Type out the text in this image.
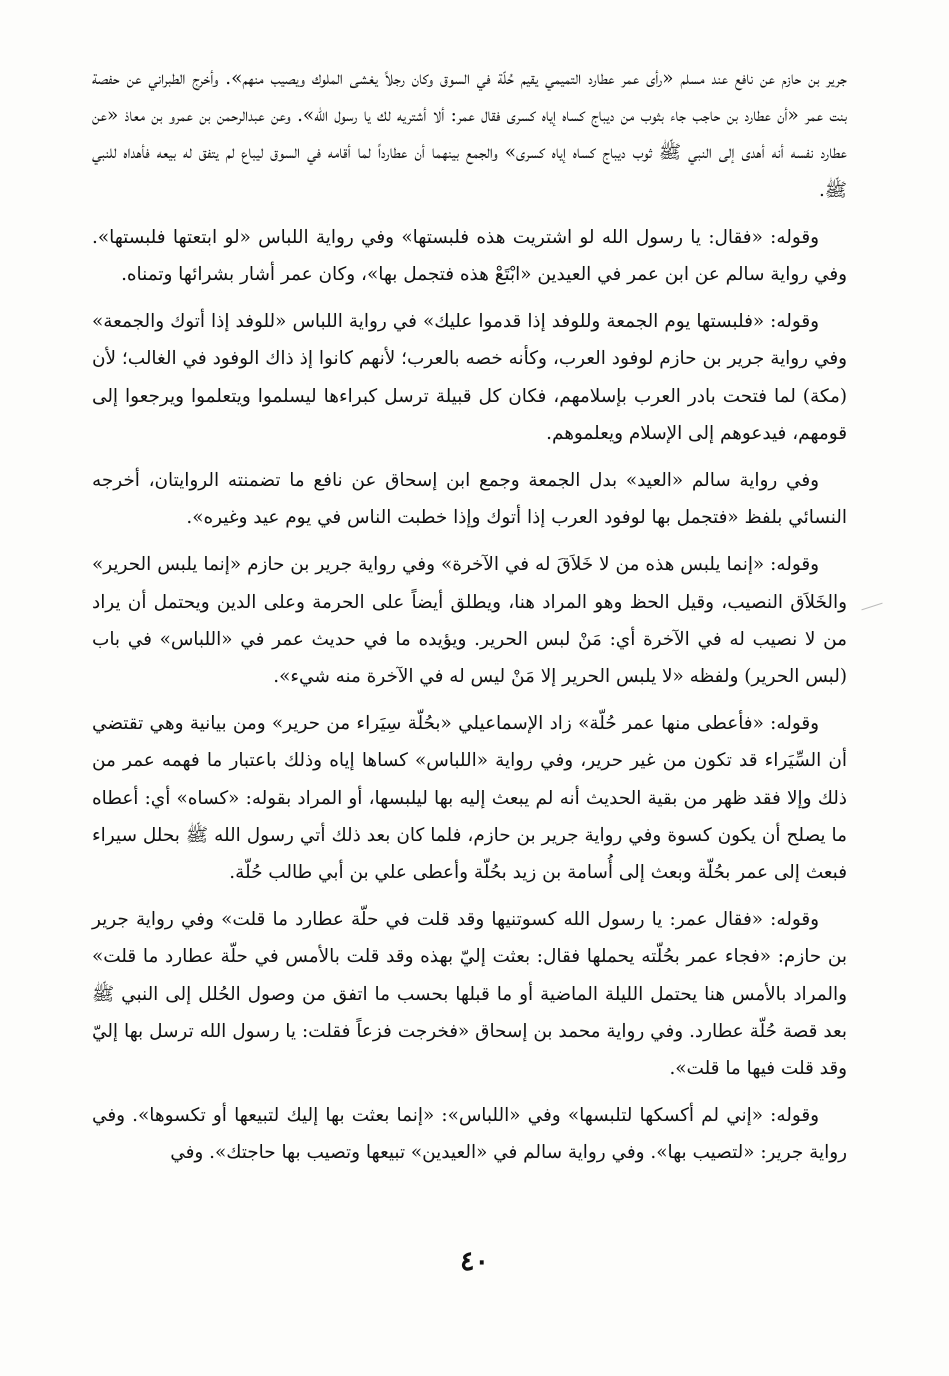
جرير بن حازم عن نافع عند مسلم «رأى عمر عطارد التميمي يقيم حُلّة في السوق وكان رجلاً يغشى الملوك ويصيب منهم». وأخرج الطبراني عن حفصة بنت عمر «أن عطارد بن حاجب جاء بثوب من ديباج كساه إياه كسرى فقال عمر: ألا أشتريه لك يا رسول الله». وعن عبدالرحمن بن عمرو بن معاذ «عن عطارد نفسه أنه أهدى إلى النبي ﷺ ثوب ديباج كساه إياه كسرى» والجمع بينهما أن عطارداً لما أقامه في السوق ليباع لم يتفق له بيعه فأهداه للنبي ﷺ.

وقوله: «فقال: يا رسول الله لو اشتريت هذه فلبستها» وفي رواية اللباس «لو ابتعتها فلبستها». وفي رواية سالم عن ابن عمر في العيدين «ابْتَعْ هذه فتجمل بها»، وكان عمر أشار بشرائها وتمناه.

وقوله: «فلبستها يوم الجمعة وللوفد إذا قدموا عليك» في رواية اللباس «للوفد إذا أتوك والجمعة» وفي رواية جرير بن حازم لوفود العرب، وكأنه خصه بالعرب؛ لأنهم كانوا إذ ذاك الوفود في الغالب؛ لأن (مكة) لما فتحت بادر العرب بإسلامهم، فكان كل قبيلة ترسل كبراءها ليسلموا ويتعلموا ويرجعوا إلى قومهم، فيدعوهم إلى الإسلام ويعلموهم.

وفي رواية سالم «العيد» بدل الجمعة وجمع ابن إسحاق عن نافع ما تضمنته الروايتان، أخرجه النسائي بلفظ «فتجمل بها لوفود العرب إذا أتوك وإذا خطبت الناس في يوم عيد وغيره».

وقوله: «إنما يلبس هذه من لا خَلاَقَ له في الآخرة» وفي رواية جرير بن حازم «إنما يلبس الحرير» والخَلاَق النصيب، وقيل الحظ وهو المراد هنا، ويطلق أيضاً على الحرمة وعلى الدين ويحتمل أن يراد من لا نصيب له في الآخرة أي: مَنْ لبس الحرير. ويؤيده ما في حديث عمر في «اللباس» في باب (لبس الحرير) ولفظه «لا يلبس الحرير إلا مَنْ ليس له في الآخرة منه شيء».

وقوله: «فأعطى منها عمر حُلّة» زاد الإسماعيلي «بحُلّة سِيَراء من حرير» ومن بيانية وهي تقتضي أن السِّيَراء قد تكون من غير حرير، وفي رواية «اللباس» كساها إياه وذلك باعتبار ما فهمه عمر من ذلك وإلا فقد ظهر من بقية الحديث أنه لم يبعث إليه بها ليلبسها، أو المراد بقوله: «كساه» أي: أعطاه ما يصلح أن يكون كسوة وفي رواية جرير بن حازم، فلما كان بعد ذلك أتي رسول الله ﷺ بحلل سيراء فبعث إلى عمر بحُلّة وبعث إلى أُسامة بن زيد بحُلّة وأعطى علي بن أبي طالب حُلّة.

وقوله: «فقال عمر: يا رسول الله كسوتنيها وقد قلت في حلّة عطارد ما قلت» وفي رواية جرير بن حازم: «فجاء عمر بحُلّته يحملها فقال: بعثت إليّ بهذه وقد قلت بالأمس في حلّة عطارد ما قلت» والمراد بالأمس هنا يحتمل الليلة الماضية أو ما قبلها بحسب ما اتفق من وصول الحُلل إلى النبي ﷺ بعد قصة حُلّة عطارد. وفي رواية محمد بن إسحاق «فخرجت فزعاً فقلت: يا رسول الله ترسل بها إليّ وقد قلت فيها ما قلت».

وقوله: «إني لم أكسكها لتلبسها» وفي «اللباس»: «إنما بعثت بها إليك لتبيعها أو تكسوها». وفي رواية جرير: «لتصيب بها». وفي رواية سالم في «العيدين» تبيعها وتصيب بها حاجتك». وفي

٤٠
